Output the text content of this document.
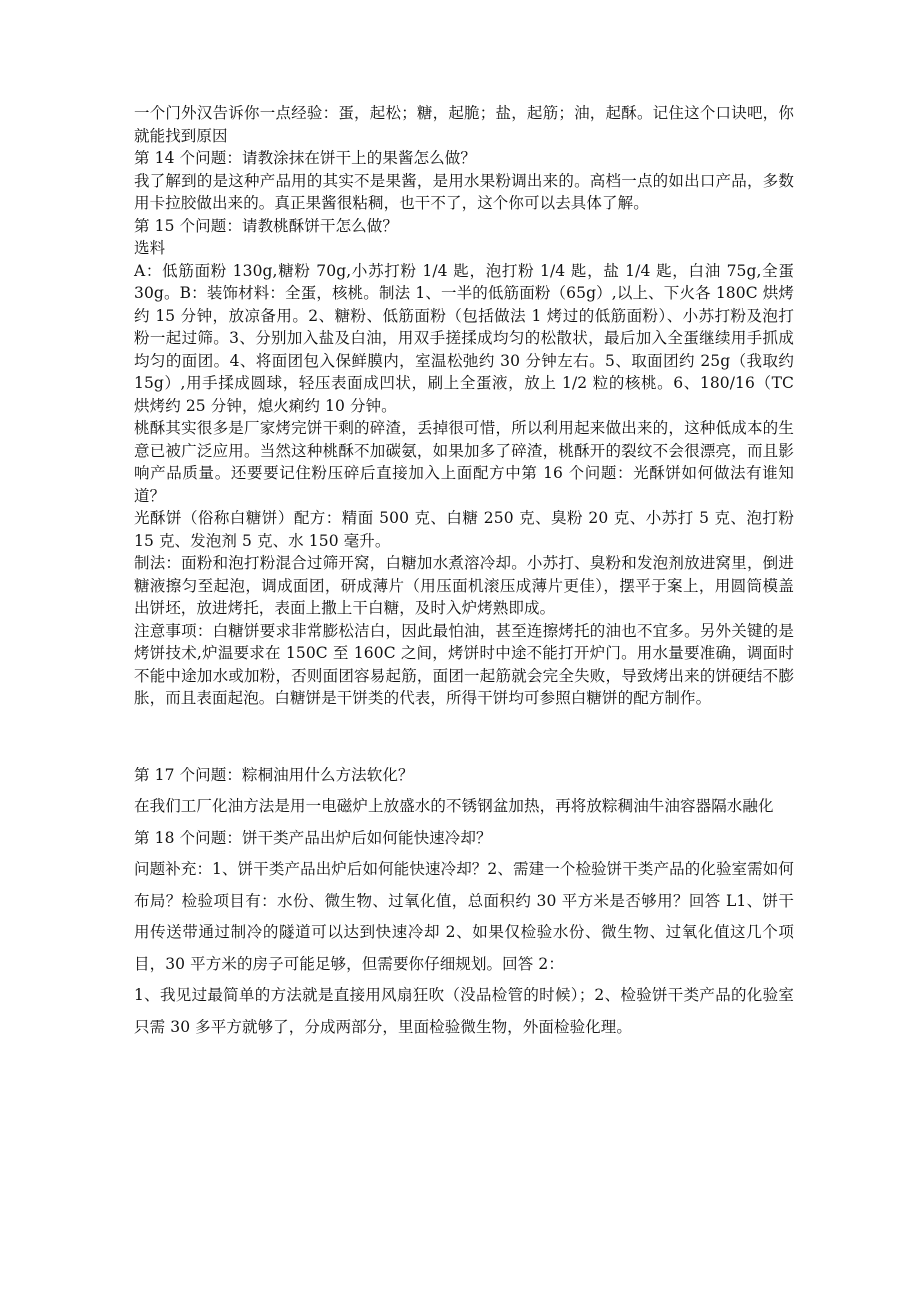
一个门外汉告诉你一点经验：蛋，起松；糖，起脆；盐，起筋；油，起酥。记住这个口诀吧，你就能找到原因

第 14 个问题：请教涂抹在饼干上的果酱怎么做？

我了解到的是这种产品用的其实不是果酱，是用水果粉调出来的。高档一点的如出口产品，多数用卡拉胶做出来的。真正果酱很粘稠，也干不了，这个你可以去具体了解。

第 15 个问题：请教桃酥饼干怎么做？

选料

A：低筋面粉 130g,糖粉 70g,小苏打粉 1/4 匙，泡打粉 1/4 匙，盐 1/4 匙，白油 75g,全蛋 30g。B：装饰材料：全蛋，核桃。制法 1、一半的低筋面粉（65g）,以上、下火各 180C 烘烤约 15 分钟，放凉备用。2、糖粉、低筋面粉（包括做法 1 烤过的低筋面粉）、小苏打粉及泡打粉一起过筛。3、分别加入盐及白油，用双手搓揉成均匀的松散状，最后加入全蛋继续用手抓成均匀的面团。4、将面团包入保鲜膜内，室温松弛约 30 分钟左右。5、取面团约 25g（我取约 15g）,用手揉成圆球，轻压表面成凹状，刷上全蛋液，放上 1/2 粒的核桃。6、180/16（TC 烘烤约 25 分钟，熄火痢约 10 分钟。

桃酥其实很多是厂家烤完饼干剩的碎渣，丢掉很可惜，所以利用起来做出来的，这种低成本的生意已被广泛应用。当然这种桃酥不加碳氨，如果加多了碎渣，桃酥开的裂纹不会很漂亮，而且影响产品质量。还要要记住粉压碎后直接加入上面配方中第 16 个问题：光酥饼如何做法有谁知道？

光酥饼（俗称白糖饼）配方：精面 500 克、白糖 250 克、臭粉 20 克、小苏打 5 克、泡打粉 15 克、发泡剂 5 克、水 150 毫升。

制法：面粉和泡打粉混合过筛开窝，白糖加水煮溶冷却。小苏打、臭粉和发泡剂放进窝里，倒进糖液擦匀至起泡，调成面团，研成薄片（用压面机滚压成薄片更佳），摆平于案上，用圆筒模盖出饼坯，放进烤托，表面上撒上干白糖，及时入炉烤熟即成。

注意事项：白糖饼要求非常膨松洁白，因此最怕油，甚至连擦烤托的油也不宜多。另外关键的是烤饼技术,炉温要求在 150C 至 160C 之间，烤饼时中途不能打开炉门。用水量要准确，调面时不能中途加水或加粉，否则面团容易起筋，面团一起筋就会完全失败，导致烤出来的饼硬结不膨胀，而且表面起泡。白糖饼是干饼类的代表，所得干饼均可参照白糖饼的配方制作。

第 17 个问题：粽桐油用什么方法软化？

在我们工厂化油方法是用一电磁炉上放盛水的不锈钢盆加热，再将放粽稠油牛油容器隔水融化

第 18 个问题：饼干类产品出炉后如何能快速冷却？

问题补充：1、饼干类产品出炉后如何能快速冷却？2、需建一个检验饼干类产品的化验室需如何布局？检验项目有：水份、微生物、过氧化值，总面积约 30 平方米是否够用？回答 L1、饼干用传送带通过制冷的隧道可以达到快速冷却 2、如果仅检验水份、微生物、过氧化值这几个项目，30 平方米的房子可能足够，但需要你仔细规划。回答 2：

1、我见过最简单的方法就是直接用风扇狂吹（没品检管的时候）；2、检验饼干类产品的化验室只需 30 多平方就够了，分成两部分，里面检验微生物，外面检验化理。
